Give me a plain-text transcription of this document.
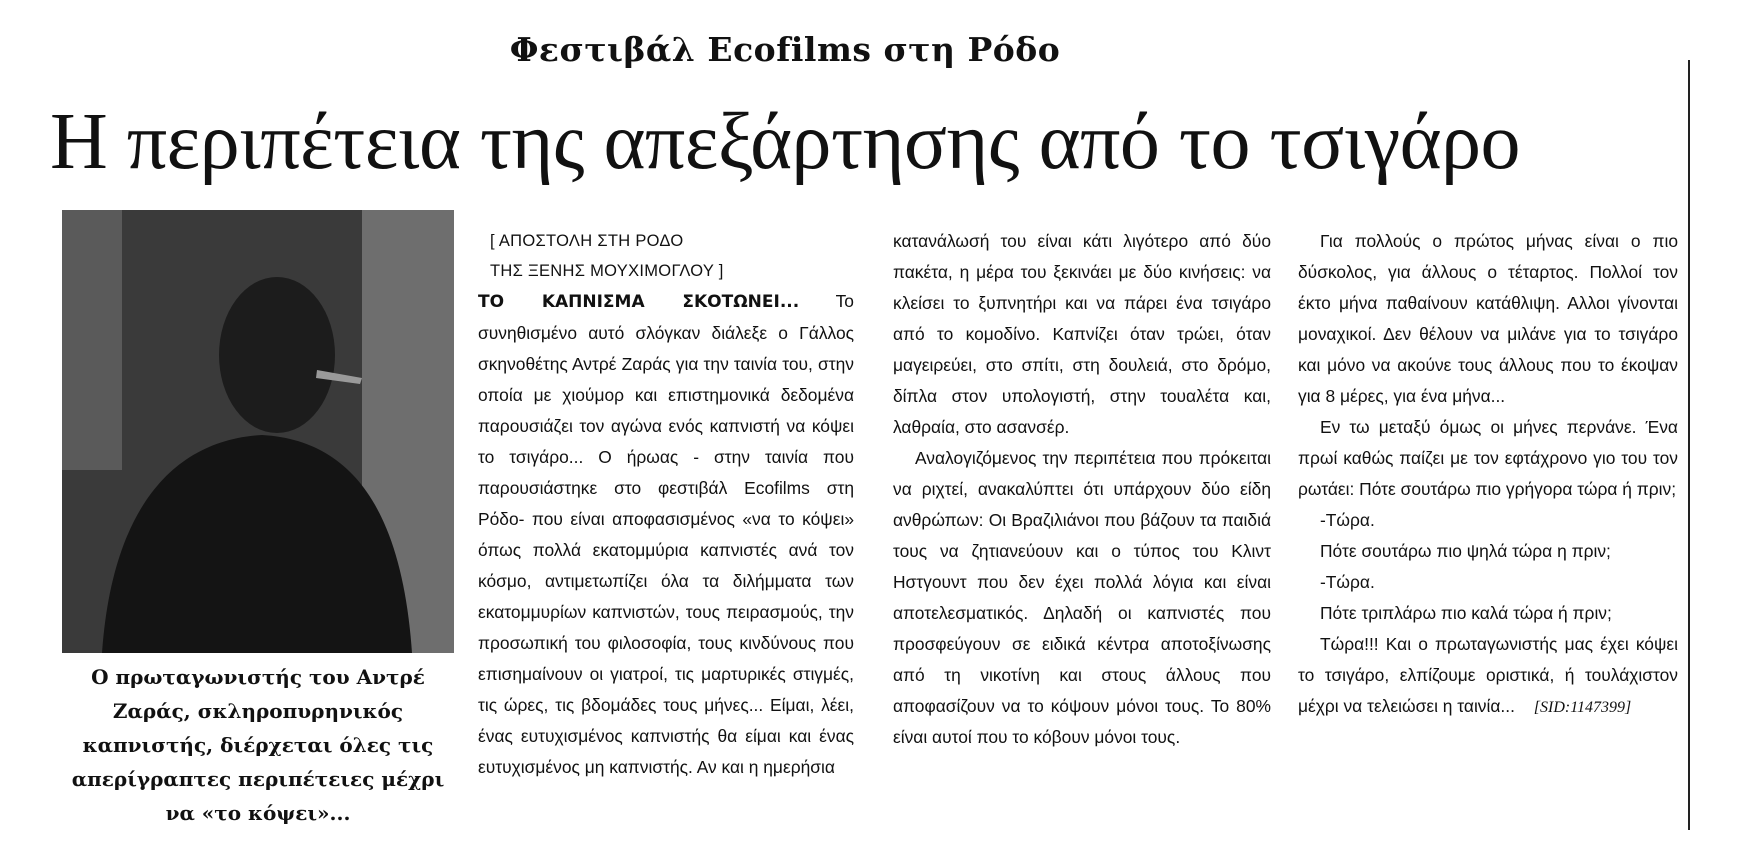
Φεστιβάλ Ecofilms στη Ρόδο
Η περιπέτεια της απεξάρτησης από το τσιγάρο

Ο πρωταγωνιστής του Αντρέ Ζαράς, σκληροπυρηνικός καπνιστής, διέρχεται όλες τις απερίγραπτες περιπέτειες μέχρι να «το κόψει»...

[ ΑΠΟΣΤΟΛΗ ΣΤΗ ΡΟΔΟ
ΤΗΣ ΞΕΝΗΣ ΜΟΥΧΙΜΟΓΛΟΥ ]

ΤΟ ΚΑΠΝΙΣΜΑ ΣΚΟΤΩΝΕΙ... Το συνηθισμένο αυτό σλόγκαν διάλεξε ο Γάλλος σκηνοθέτης Αντρέ Ζαράς για την ταινία του, στην οποία με χιούμορ και επιστημονικά δεδομένα παρουσιάζει τον αγώνα ενός καπνιστή να κόψει το τσιγάρο... Ο ήρωας - στην ταινία που παρουσιάστηκε στο φεστιβάλ Ecofilms στη Ρόδο- που είναι αποφασισμένος «να το κόψει» όπως πολλά εκατομμύρια καπνιστές ανά τον κόσμο, αντιμετωπίζει όλα τα διλήμματα των εκατομμυρίων καπνιστών, τους πειρασμούς, την προσωπική του φιλοσοφία, τους κινδύνους που επισημαίνουν οι γιατροί, τις μαρτυρικές στιγμές, τις ώρες, τις βδομάδες τους μήνες... Είμαι, λέει, ένας ευτυχισμένος καπνιστής θα είμαι και ένας ευτυχισμένος μη καπνιστής. Αν και η ημερήσια

Για πολλούς ο πρώτος μήνας είναι ο πιο δύσκολος, για άλλους ο τέταρτος. Πολλοί τον έκτο μήνα παθαίνουν κατάθλιψη. Αλλοι γίνονται μοναχικοί. Δεν θέλουν να μιλάνε για το τσιγάρο και μόνο να ακούνε τους άλλους που το έκοψαν για 8 μέρες, για ένα μήνα...

Εν τω μεταξύ όμως οι μήνες περνάνε. Ένα πρωί καθώς παίζει με τον εφτάχρονο γιο του τον ρωτάει: Πότε σουτάρω πιο γρήγορα τώρα ή πριν;

-Τώρα.

Πότε σουτάρω πιο ψηλά τώρα η πριν;

-Τώρα.

Πότε τριπλάρω πιο καλά τώρα ή πριν;

Τώρα!!! Και ο πρωταγωνιστής μας έχει κόψει το τσιγάρο, ελπίζουμε οριστικά, ή τουλάχιστον μέχρι να τελειώσει η ταινία... [SID:1147399]

κατανάλωσή του είναι κάτι λιγότερο από δύο πακέτα, η μέρα του ξεκινάει με δύο κινήσεις: να κλείσει το ξυπνητήρι και να πάρει ένα τσιγάρο από το κομοδίνο. Καπνίζει όταν τρώει, όταν μαγειρεύει, στο σπίτι, στη δουλειά, στο δρόμο, δίπλα στον υπολογιστή, στην τουαλέτα και, λαθραία, στο ασανσέρ.

Αναλογιζόμενος την περιπέτεια που πρόκειται να ριχτεί, ανακαλύπτει ότι υπάρχουν δύο είδη ανθρώπων: Οι Βραζιλιάνοι που βάζουν τα παιδιά τους να ζητιανεύουν και ο τύπος του Κλιντ Ηστγουντ που δεν έχει πολλά λόγια και είναι αποτελεσματικός. Δηλαδή οι καπνιστές που προσφεύγουν σε ειδικά κέντρα αποτοξίνωσης από τη νικοτίνη και στους άλλους που αποφασίζουν να το κόψουν μόνοι τους. Το 80% είναι αυτοί που το κόβουν μόνοι τους.
